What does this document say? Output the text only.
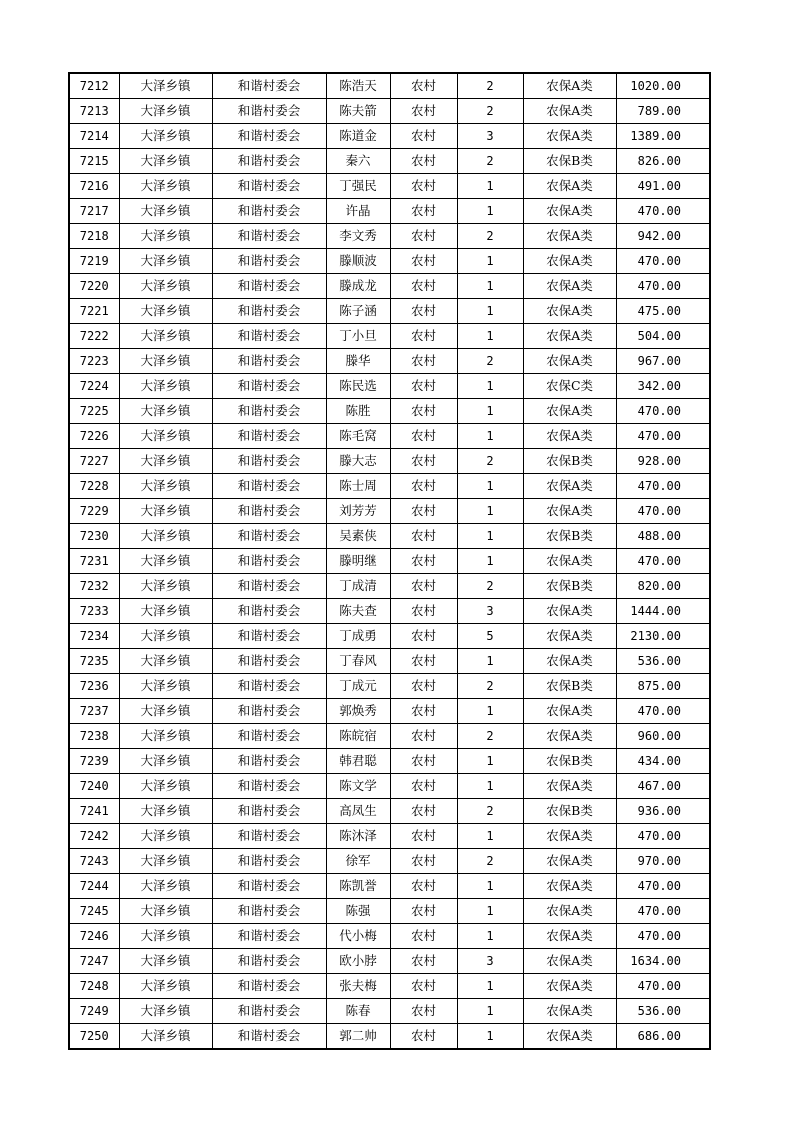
7212	大泽乡镇	和谐村委会	陈浩天	农村	2	农保A类	1020.00
7213	大泽乡镇	和谐村委会	陈夫箭	农村	2	农保A类	789.00
7214	大泽乡镇	和谐村委会	陈道金	农村	3	农保A类	1389.00
7215	大泽乡镇	和谐村委会	秦六	农村	2	农保B类	826.00
7216	大泽乡镇	和谐村委会	丁强民	农村	1	农保A类	491.00
7217	大泽乡镇	和谐村委会	许晶	农村	1	农保A类	470.00
7218	大泽乡镇	和谐村委会	李文秀	农村	2	农保A类	942.00
7219	大泽乡镇	和谐村委会	滕顺波	农村	1	农保A类	470.00
7220	大泽乡镇	和谐村委会	滕成龙	农村	1	农保A类	470.00
7221	大泽乡镇	和谐村委会	陈子涵	农村	1	农保A类	475.00
7222	大泽乡镇	和谐村委会	丁小旦	农村	1	农保A类	504.00
7223	大泽乡镇	和谐村委会	滕华	农村	2	农保A类	967.00
7224	大泽乡镇	和谐村委会	陈民选	农村	1	农保C类	342.00
7225	大泽乡镇	和谐村委会	陈胜	农村	1	农保A类	470.00
7226	大泽乡镇	和谐村委会	陈毛窝	农村	1	农保A类	470.00
7227	大泽乡镇	和谐村委会	滕大志	农村	2	农保B类	928.00
7228	大泽乡镇	和谐村委会	陈士周	农村	1	农保A类	470.00
7229	大泽乡镇	和谐村委会	刘芳芳	农村	1	农保A类	470.00
7230	大泽乡镇	和谐村委会	吴素侠	农村	1	农保B类	488.00
7231	大泽乡镇	和谐村委会	滕明继	农村	1	农保A类	470.00
7232	大泽乡镇	和谐村委会	丁成清	农村	2	农保B类	820.00
7233	大泽乡镇	和谐村委会	陈夫查	农村	3	农保A类	1444.00
7234	大泽乡镇	和谐村委会	丁成勇	农村	5	农保A类	2130.00
7235	大泽乡镇	和谐村委会	丁春风	农村	1	农保A类	536.00
7236	大泽乡镇	和谐村委会	丁成元	农村	2	农保B类	875.00
7237	大泽乡镇	和谐村委会	郭焕秀	农村	1	农保A类	470.00
7238	大泽乡镇	和谐村委会	陈皖宿	农村	2	农保A类	960.00
7239	大泽乡镇	和谐村委会	韩君聪	农村	1	农保B类	434.00
7240	大泽乡镇	和谐村委会	陈文学	农村	1	农保A类	467.00
7241	大泽乡镇	和谐村委会	高凤生	农村	2	农保B类	936.00
7242	大泽乡镇	和谐村委会	陈沐泽	农村	1	农保A类	470.00
7243	大泽乡镇	和谐村委会	徐军	农村	2	农保A类	970.00
7244	大泽乡镇	和谐村委会	陈凯誉	农村	1	农保A类	470.00
7245	大泽乡镇	和谐村委会	陈强	农村	1	农保A类	470.00
7246	大泽乡镇	和谐村委会	代小梅	农村	1	农保A类	470.00
7247	大泽乡镇	和谐村委会	欧小脖	农村	3	农保A类	1634.00
7248	大泽乡镇	和谐村委会	张夫梅	农村	1	农保A类	470.00
7249	大泽乡镇	和谐村委会	陈春	农村	1	农保A类	536.00
7250	大泽乡镇	和谐村委会	郭二帅	农村	1	农保A类	686.00
